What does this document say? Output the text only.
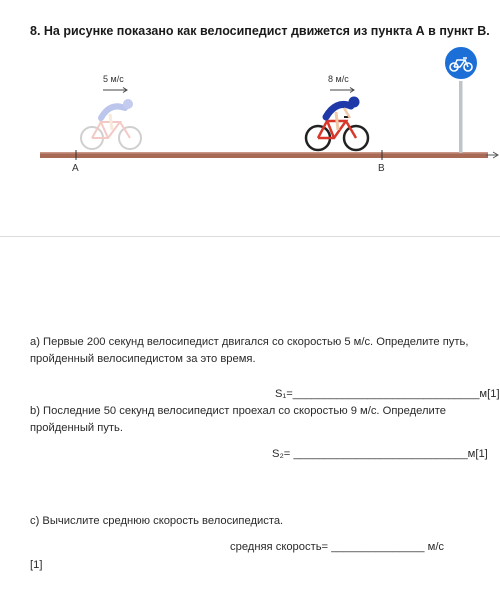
8. На рисунке показано как велосипедист движется из пункта А в пункт В.
А	В
5 м/с	8 м/с
a) Первые 200 секунд велосипедист двигался со скоростью 5 м/с. Определите путь, пройденный велосипедистом за это время.
S₁=______________________________м[1]
b) Последние 50 секунд велосипедист проехал со скоростью 9 м/с. Определите пройденный путь.
S₂= ____________________________м[1]
c) Вычислите среднюю скорость велосипедиста.
средняя скорость= _______________ м/с
[1]
